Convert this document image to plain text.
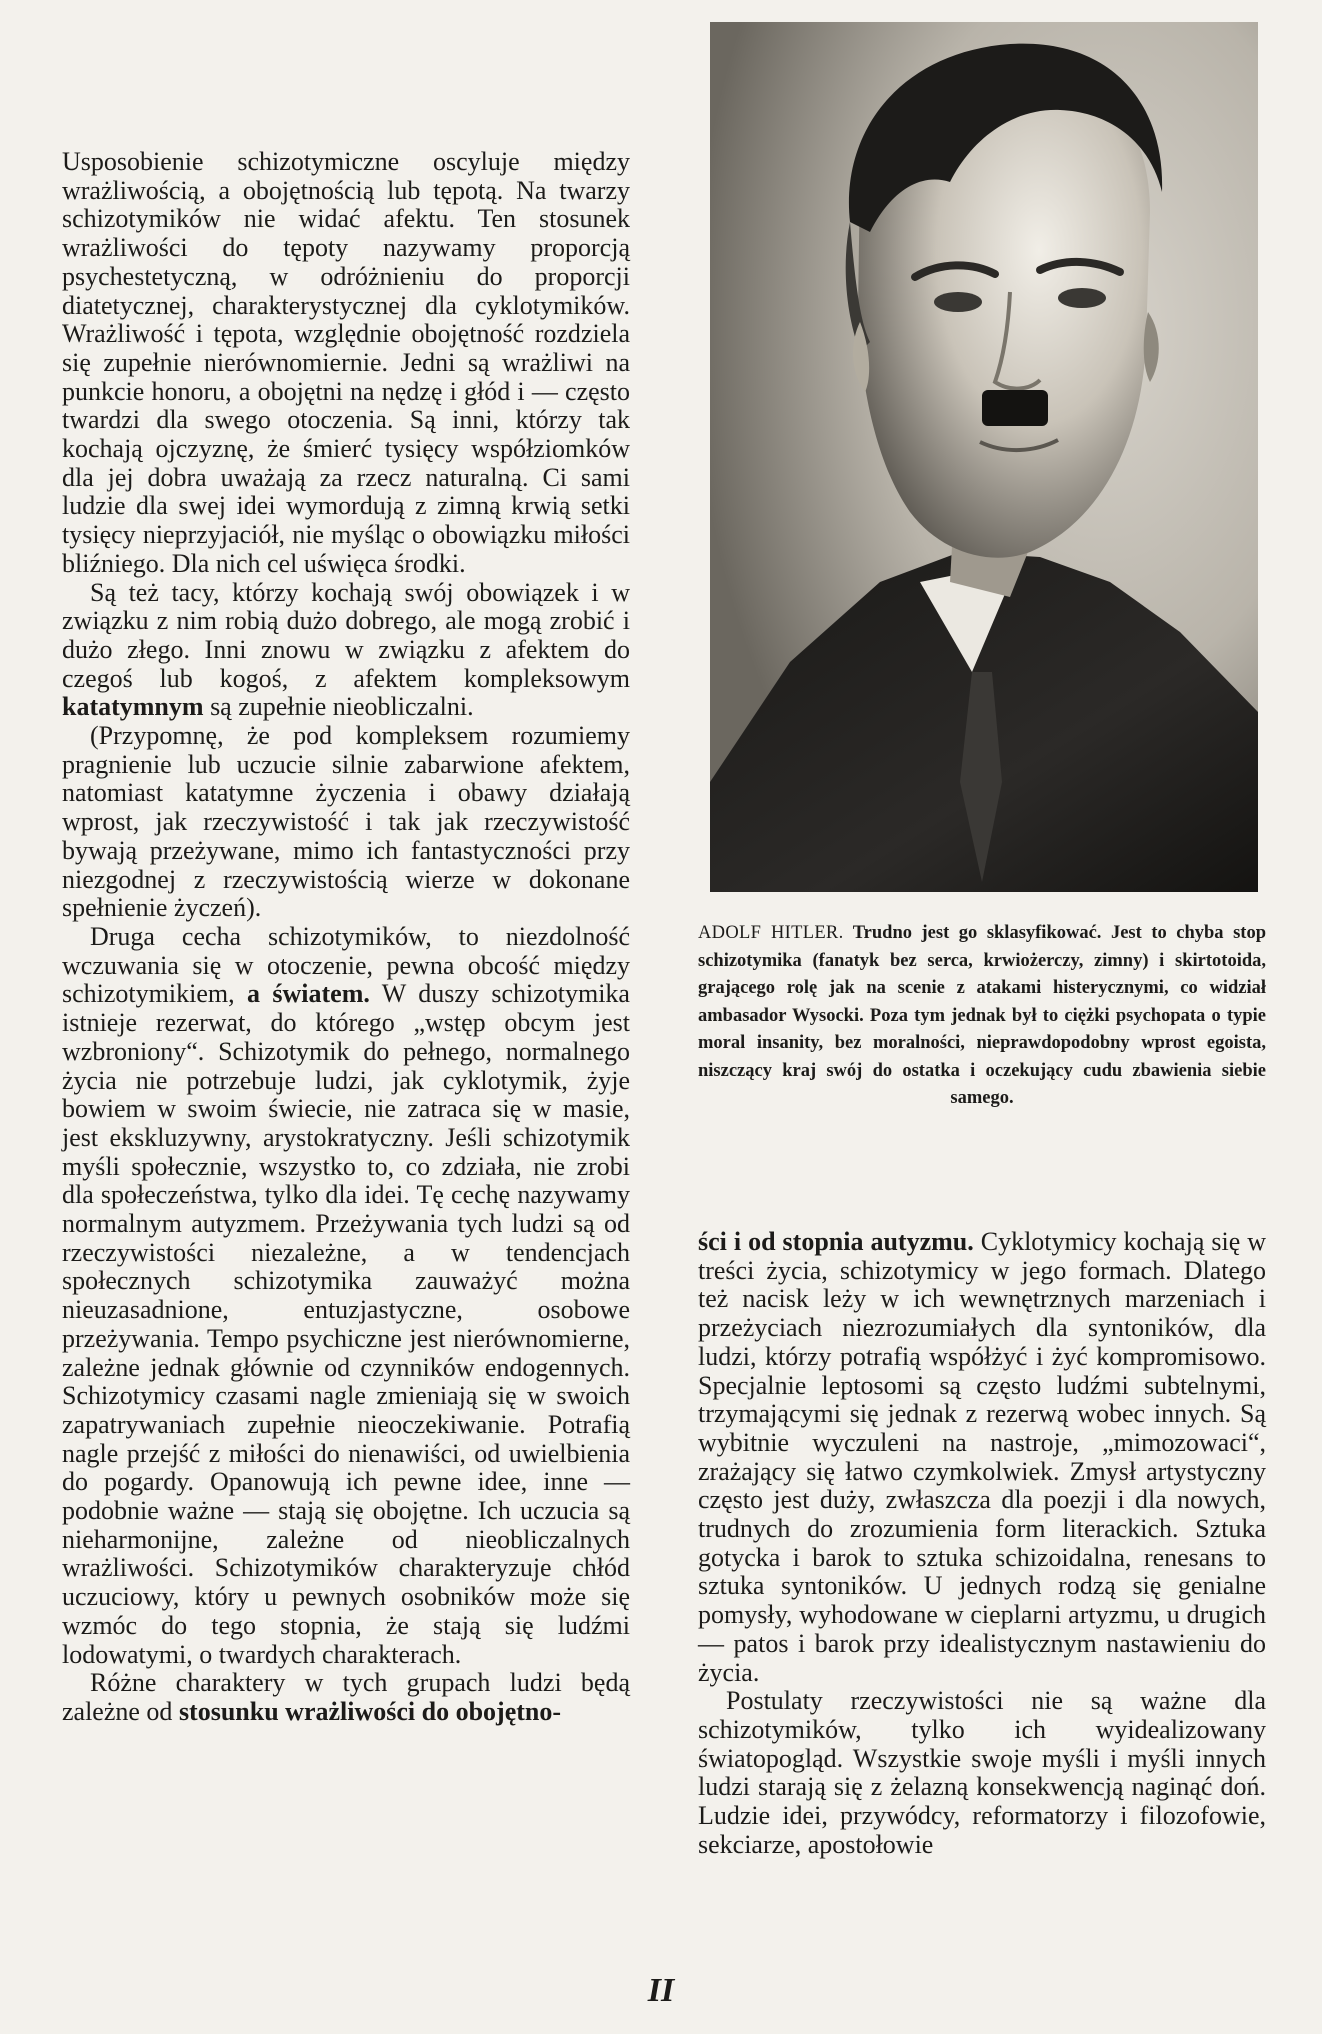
Usposobienie schizotymiczne oscyluje między wrażliwością, a obojętnością lub tępotą. Na twarzy schizotymików nie widać afektu. Ten stosunek wrażliwości do tępoty nazywamy proporcją psychestetyczną, w odróżnieniu do proporcji diatetycznej, charakterystycznej dla cyklotymików. Wrażliwość i tępota, względnie obojętność rozdziela się zupełnie nierównomiernie. Jedni są wrażliwi na punkcie honoru, a obojętni na nędzę i głód i — często twardzi dla swego otoczenia. Są inni, którzy tak kochają ojczyznę, że śmierć tysięcy współziomków dla jej dobra uważają za rzecz naturalną. Ci sami ludzie dla swej idei wymordują z zimną krwią setki tysięcy nieprzyjaciół, nie myśląc o obowiązku miłości bliźniego. Dla nich cel uświęca środki.

Są też tacy, którzy kochają swój obowiązek i w związku z nim robią dużo dobrego, ale mogą zrobić i dużo złego. Inni znowu w związku z afektem do czegoś lub kogoś, z afektem kompleksowym katatymnym są zupełnie nieobliczalni.

(Przypomnę, że pod kompleksem rozumiemy pragnienie lub uczucie silnie zabarwione afektem, natomiast katatymne życzenia i obawy działają wprost, jak rzeczywistość i tak jak rzeczywistość bywają przeżywane, mimo ich fantastyczności przy niezgodnej z rzeczywistością wierze w dokonane spełnienie życzeń).

Druga cecha schizotymików, to niezdolność wczuwania się w otoczenie, pewna obcość między schizotymikiem, a światem. W duszy schizotymika istnieje rezerwat, do którego „wstęp obcym jest wzbroniony“. Schizotymik do pełnego, normalnego życia nie potrzebuje ludzi, jak cyklotymik, żyje bowiem w swoim świecie, nie zatraca się w masie, jest ekskluzywny, arystokratyczny. Jeśli schizotymik myśli społecznie, wszystko to, co zdziała, nie zrobi dla społeczeństwa, tylko dla idei. Tę cechę nazywamy normalnym autyzmem. Przeżywania tych ludzi są od rzeczywistości niezależne, a w tendencjach społecznych schizotymika zauważyć można nieuzasadnione, entuzjastyczne, osobowe przeżywania. Tempo psychiczne jest nierównomierne, zależne jednak głównie od czynników endogennych. Schizotymicy czasami nagle zmieniają się w swoich zapatrywaniach zupełnie nieoczekiwanie. Potrafią nagle przejść z miłości do nienawiści, od uwielbienia do pogardy. Opanowują ich pewne idee, inne — podobnie ważne — stają się obojętne. Ich uczucia są nieharmonijne, zależne od nieobliczalnych wrażliwości. Schizotymików charakteryzuje chłód uczuciowy, który u pewnych osobników może się wzmóc do tego stopnia, że stają się ludźmi lodowatymi, o twardych charakterach.

Różne charaktery w tych grupach ludzi będą zależne od stosunku wrażliwości do obojętno-

ADOLF HITLER. Trudno jest go sklasyfikować. Jest to chyba stop schizotymika (fanatyk bez serca, krwiożerczy, zimny) i skirtotoida, grającego rolę jak na scenie z atakami histerycznymi, co widział ambasador Wysocki. Poza tym jednak był to ciężki psychopata o typie moral insanity, bez moralności, nieprawdopodobny wprost egoista, niszczący kraj swój do ostatka i oczekujący cudu zbawienia siebie samego.

ści i od stopnia autyzmu. Cyklotymicy kochają się w treści życia, schizotymicy w jego formach. Dlatego też nacisk leży w ich wewnętrznych marzeniach i przeżyciach niezrozumiałych dla syntoników, dla ludzi, którzy potrafią współżyć i żyć kompromisowo. Specjalnie leptosomi są często ludźmi subtelnymi, trzymającymi się jednak z rezerwą wobec innych. Są wybitnie wyczuleni na nastroje, „mimozowaci“, zrażający się łatwo czymkolwiek. Zmysł artystyczny często jest duży, zwłaszcza dla poezji i dla nowych, trudnych do zrozumienia form literackich. Sztuka gotycka i barok to sztuka schizoidalna, renesans to sztuka syntoników. U jednych rodzą się genialne pomysły, wyhodowane w cieplarni artyzmu, u drugich— patos i barok przy idealistycznym nastawieniu do życia.

Postulaty rzeczywistości nie są ważne dla schizotymików, tylko ich wyidealizowany światopogląd. Wszystkie swoje myśli i myśli innych ludzi starają się z żelazną konsekwencją naginąć doń. Ludzie idei, przywódcy, reformatorzy i filozofowie, sekciarze, apostołowie

II
